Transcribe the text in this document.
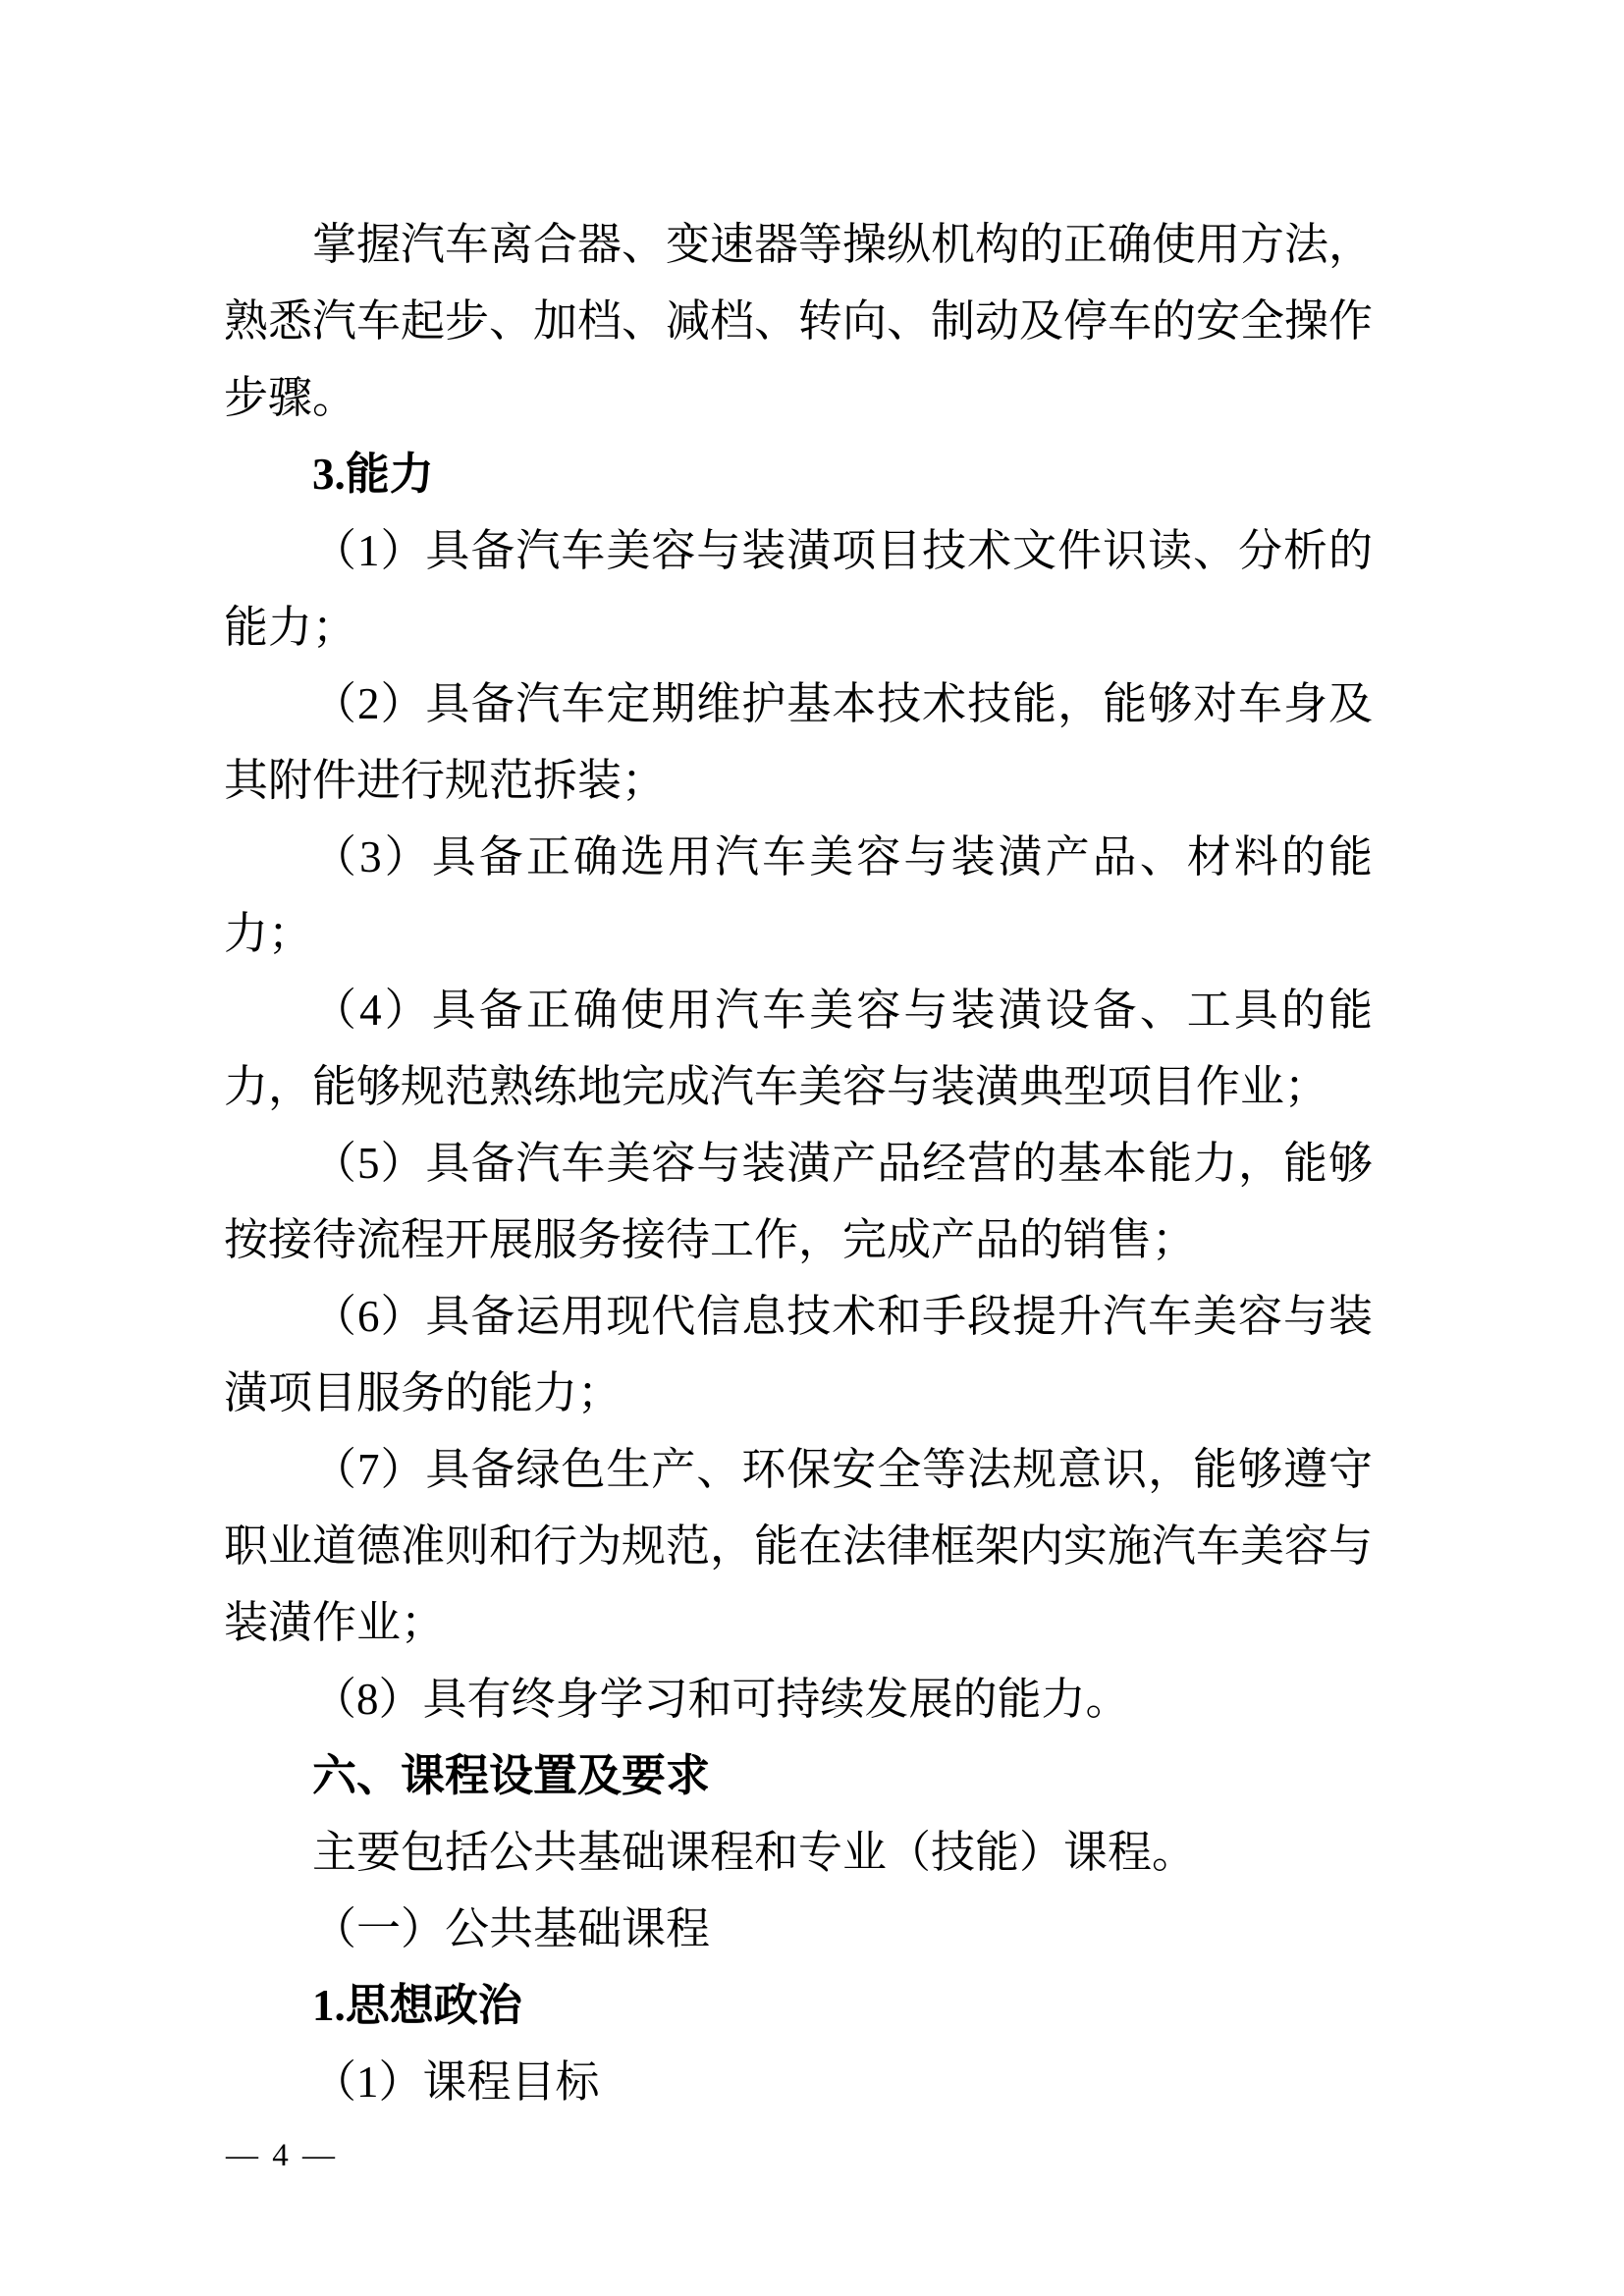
掌握汽车离合器、变速器等操纵机构的正确使用方法，熟悉汽车起步、加档、减档、转向、制动及停车的安全操作步骤。

3.能力

（1）具备汽车美容与装潢项目技术文件识读、分析的能力；

（2）具备汽车定期维护基本技术技能，能够对车身及其附件进行规范拆装；

（3）具备正确选用汽车美容与装潢产品、材料的能力；

（4）具备正确使用汽车美容与装潢设备、工具的能力，能够规范熟练地完成汽车美容与装潢典型项目作业；

（5）具备汽车美容与装潢产品经营的基本能力，能够按接待流程开展服务接待工作，完成产品的销售；

（6）具备运用现代信息技术和手段提升汽车美容与装潢项目服务的能力；

（7）具备绿色生产、环保安全等法规意识，能够遵守职业道德准则和行为规范，能在法律框架内实施汽车美容与装潢作业；

（8）具有终身学习和可持续发展的能力。

六、课程设置及要求

主要包括公共基础课程和专业（技能）课程。

（一）公共基础课程

1.思想政治

（1）课程目标

— 4 —
